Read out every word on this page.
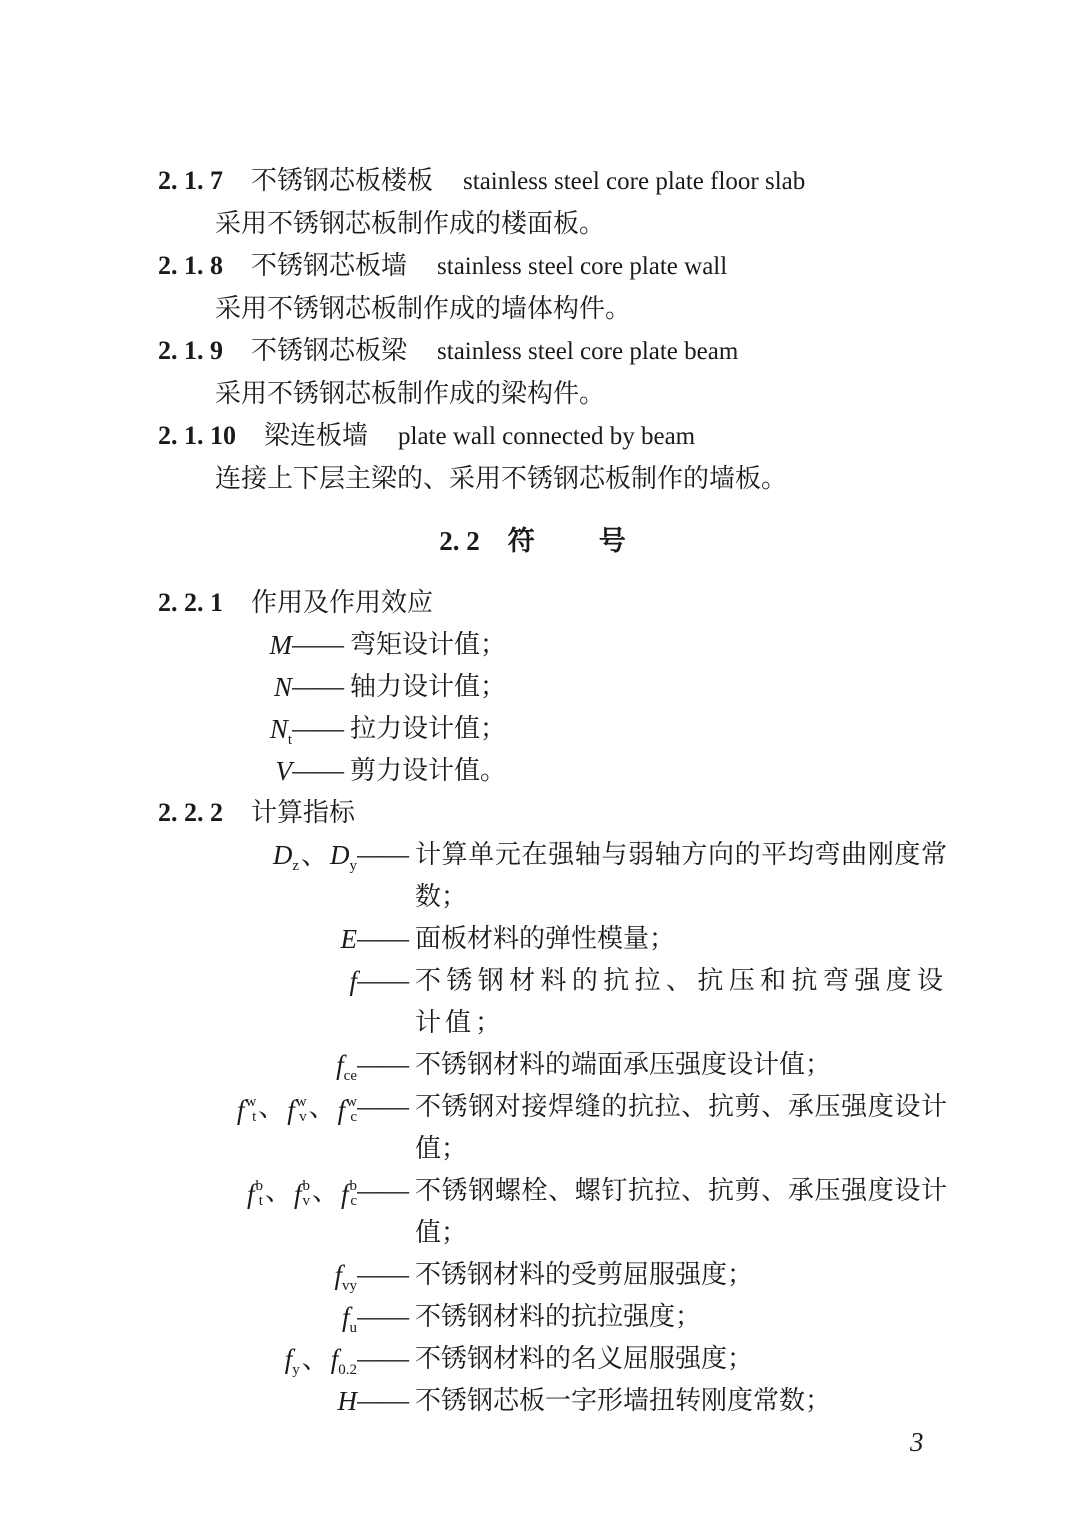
2. 1. 7 不锈钢芯板楼板 stainless steel core plate floor slab
采用不锈钢芯板制作成的楼面板。
2. 1. 8 不锈钢芯板墙 stainless steel core plate wall
采用不锈钢芯板制作成的墙体构件。
2. 1. 9 不锈钢芯板梁 stainless steel core plate beam
采用不锈钢芯板制作成的梁构件。
2. 1. 10 梁连板墙 plate wall connected by beam
连接上下层主梁的、采用不锈钢芯板制作的墙板。
2. 2 符 号
2. 2. 1 作用及作用效应
M —— 弯矩设计值；
N —— 轴力设计值；
$N_t$ —— 拉力设计值；
V —— 剪力设计值。
2. 2. 2 计算指标
$D_z$、$D_y$ —— 计算单元在强轴与弱轴方向的平均弯曲刚度常数；
E —— 面板材料的弹性模量；
f —— 不锈钢材料的抗拉、抗压和抗弯强度设计值；
$f_{ce}$ —— 不锈钢材料的端面承压强度设计值；
f w
t 、 f w
v 、 f w
c —— 不锈钢对接焊缝的抗拉、抗剪、承压强度设计值；
f b
t 、 f b
v 、 f b
c —— 不锈钢螺栓、螺钉抗拉、抗剪、承压强度设计值；
$f_{vy}$ —— 不锈钢材料的受剪屈服强度；
$f_u$ —— 不锈钢材料的抗拉强度；
$f_y$、$f_{0.2}$ —— 不锈钢材料的名义屈服强度；
H —— 不锈钢芯板一字形墙扭转刚度常数；
3
